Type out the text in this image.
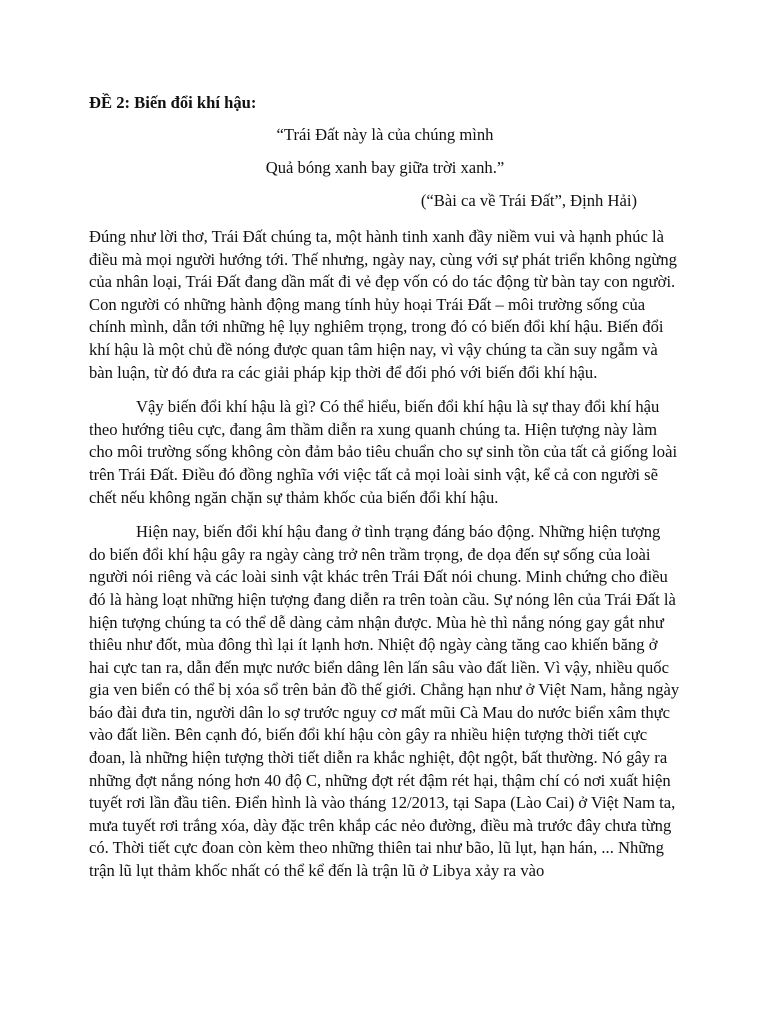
ĐỀ 2: Biến đổi khí hậu:
“Trái Đất này là của chúng mình
Quả bóng xanh bay giữa trời xanh.”
(“Bài ca về Trái Đất”, Định Hải)

Đúng như lời thơ, Trái Đất chúng ta, một hành tinh xanh đầy niềm vui và hạnh phúc là điều mà mọi người hướng tới. Thế nhưng, ngày nay, cùng với sự phát triển không ngừng của nhân loại, Trái Đất đang dần mất đi vẻ đẹp vốn có do tác động từ bàn tay con người. Con người có những hành động mang tính hủy hoại Trái Đất – môi trường sống của chính mình, dẫn tới những hệ lụy nghiêm trọng, trong đó có biến đổi khí hậu. Biến đổi khí hậu là một chủ đề nóng được quan tâm hiện nay, vì vậy chúng ta cần suy ngẫm và bàn luận, từ đó đưa ra các giải pháp kịp thời để đối phó với biến đổi khí hậu.

Vậy biến đổi khí hậu là gì? Có thể hiểu, biến đổi khí hậu là sự thay đổi khí hậu theo hướng tiêu cực, đang âm thầm diễn ra xung quanh chúng ta. Hiện tượng này làm cho môi trường sống không còn đảm bảo tiêu chuẩn cho sự sinh tồn của tất cả giống loài trên Trái Đất. Điều đó đồng nghĩa với việc tất cả mọi loài sinh vật, kể cả con người sẽ chết nếu không ngăn chặn sự thảm khốc của biến đổi khí hậu.

Hiện nay, biến đổi khí hậu đang ở tình trạng đáng báo động. Những hiện tượng do biến đổi khí hậu gây ra ngày càng trở nên trầm trọng, đe dọa đến sự sống của loài người nói riêng và các loài sinh vật khác trên Trái Đất nói chung. Minh chứng cho điều đó là hàng loạt những hiện tượng đang diễn ra trên toàn cầu. Sự nóng lên của Trái Đất là hiện tượng chúng ta có thể dễ dàng cảm nhận được. Mùa hè thì nắng nóng gay gắt như thiêu như đốt, mùa đông thì lại ít lạnh hơn. Nhiệt độ ngày càng tăng cao khiến băng ở hai cực tan ra, dẫn đến mực nước biển dâng lên lấn sâu vào đất liền. Vì vậy, nhiều quốc gia ven biển có thể bị xóa sổ trên bản đồ thế giới. Chẳng hạn như ở Việt Nam, hằng ngày báo đài đưa tin, người dân lo sợ trước nguy cơ mất mũi Cà Mau do nước biển xâm thực vào đất liền. Bên cạnh đó, biến đổi khí hậu còn gây ra nhiều hiện tượng thời tiết cực đoan, là những hiện tượng thời tiết diễn ra khắc nghiệt, đột ngột, bất thường. Nó gây ra những đợt nắng nóng hơn 40 độ C, những đợt rét đậm rét hại, thậm chí có nơi xuất hiện tuyết rơi lần đầu tiên. Điển hình là vào tháng 12/2013, tại Sapa (Lào Cai) ở Việt Nam ta, mưa tuyết rơi trắng xóa, dày đặc trên khắp các nẻo đường, điều mà trước đây chưa từng có. Thời tiết cực đoan còn kèm theo những thiên tai như bão, lũ lụt, hạn hán, ... Những trận lũ lụt thảm khốc nhất có thể kể đến là trận lũ ở Libya xảy ra vào
